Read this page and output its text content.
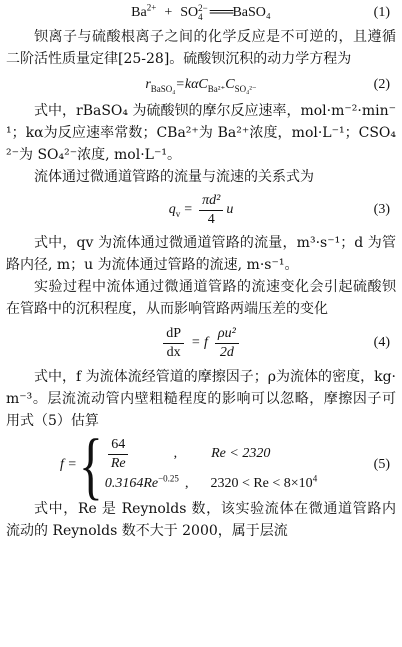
$Ba^{2+}$ + SO 2−
4 ═══ BaSO₄	(1)

钡离子与硫酸根离子之间的化学反应是不可逆的，且遵循二阶活性质量定律[25-28]。硫酸钡沉积的动力学方程为

$r_{BaSO_4} =k\alpha C_{Ba^{2+}}$ $C_{SO_4^{2-}}$	(2)

式中，rBaSO₄ 为硫酸钡的摩尔反应速率，mol·m⁻²·min⁻¹；kα为反应速率常数；CBa²⁺为 Ba²⁺浓度，mol·L⁻¹；CSO₄²⁻为 SO₄²⁻浓度, mol·L⁻¹。

流体通过微通道管路的流量与流速的关系式为

$q_v = \frac{\text{πd²}}{4}$ u	(3)

式中，qv 为流体通过微通道管路的流量，m³·s⁻¹；d 为管路内径, m；u 为流体通过管路的流速, m·s⁻¹。

实验过程中流体通过微通道管路的流速变化会引起硫酸钡在管路中的沉积程度，从而影响管路两端压差的变化

$\frac{dP}{dx} = f \frac{\text{ρu²}}{2d}$	(4)

式中，f 为流体流经管道的摩擦因子；ρ为流体的密度，kg·m⁻³。层流流动管内壁粗糙程度的影响可以忽略，摩擦因子可用式（5）估算

f = { $\frac{64}{Re}$	, Re < 2320
$0.3164Re^{-0.25}$ , $2320 < Re < 8\times 10^4$
(5)

式中，Re 是 Reynolds 数，该实验流体在微通道管路内流动的 Reynolds 数不大于 2000，属于层流
